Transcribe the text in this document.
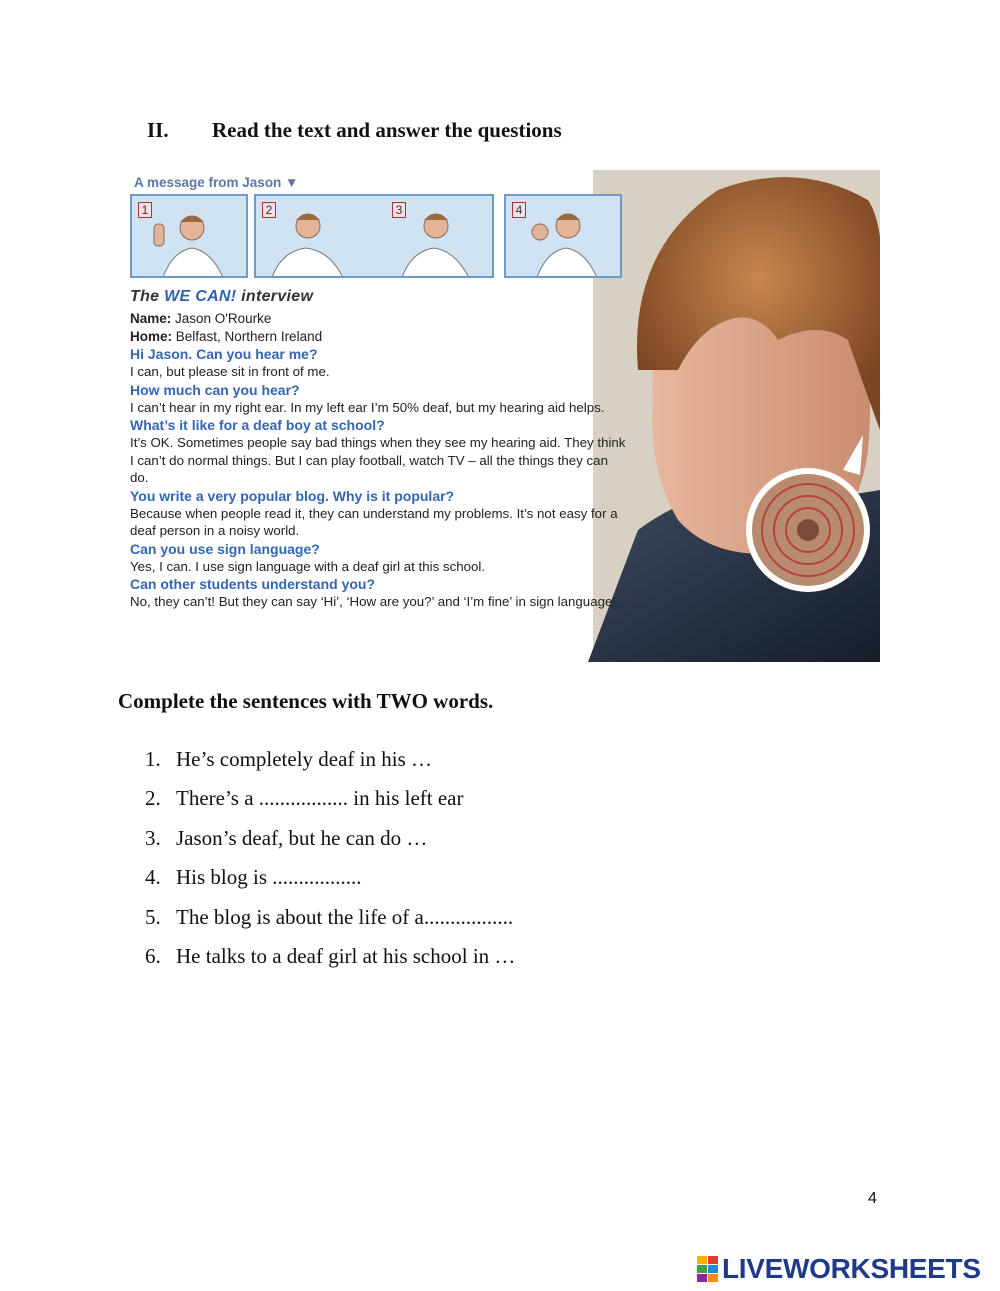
II. Read the text and answer the questions
A message from Jason ▼
1	2	3	4
The WE CAN! interview
Name: Jason O'Rourke
Home: Belfast, Northern Ireland
Hi Jason. Can you hear me?
I can, but please sit in front of me.
How much can you hear?
I can’t hear in my right ear. In my left ear I’m 50% deaf, but my hearing aid helps.
What’s it like for a deaf boy at school?
It’s OK. Sometimes people say bad things when they see my hearing aid. They think I can’t do normal things. But I can play football, watch TV – all the things they can do.
You write a very popular blog. Why is it popular?
Because when people read it, they can understand my problems. It’s not easy for a deaf person in a noisy world.
Can you use sign language?
Yes, I can. I use sign language with a deaf girl at this school.
Can other students understand you?
No, they can’t! But they can say ‘Hi’, ‘How are you?’ and ‘I’m fine’ in sign language!
Complete the sentences with TWO words.
1. He’s completely deaf in his …
2. There’s a ................. in his left ear
3. Jason’s deaf, but he can do …
4. His blog is .................
5. The blog is about the life of a.................
6. He talks to a deaf girl at his school in …
4
LIVEWORKSHEETS
